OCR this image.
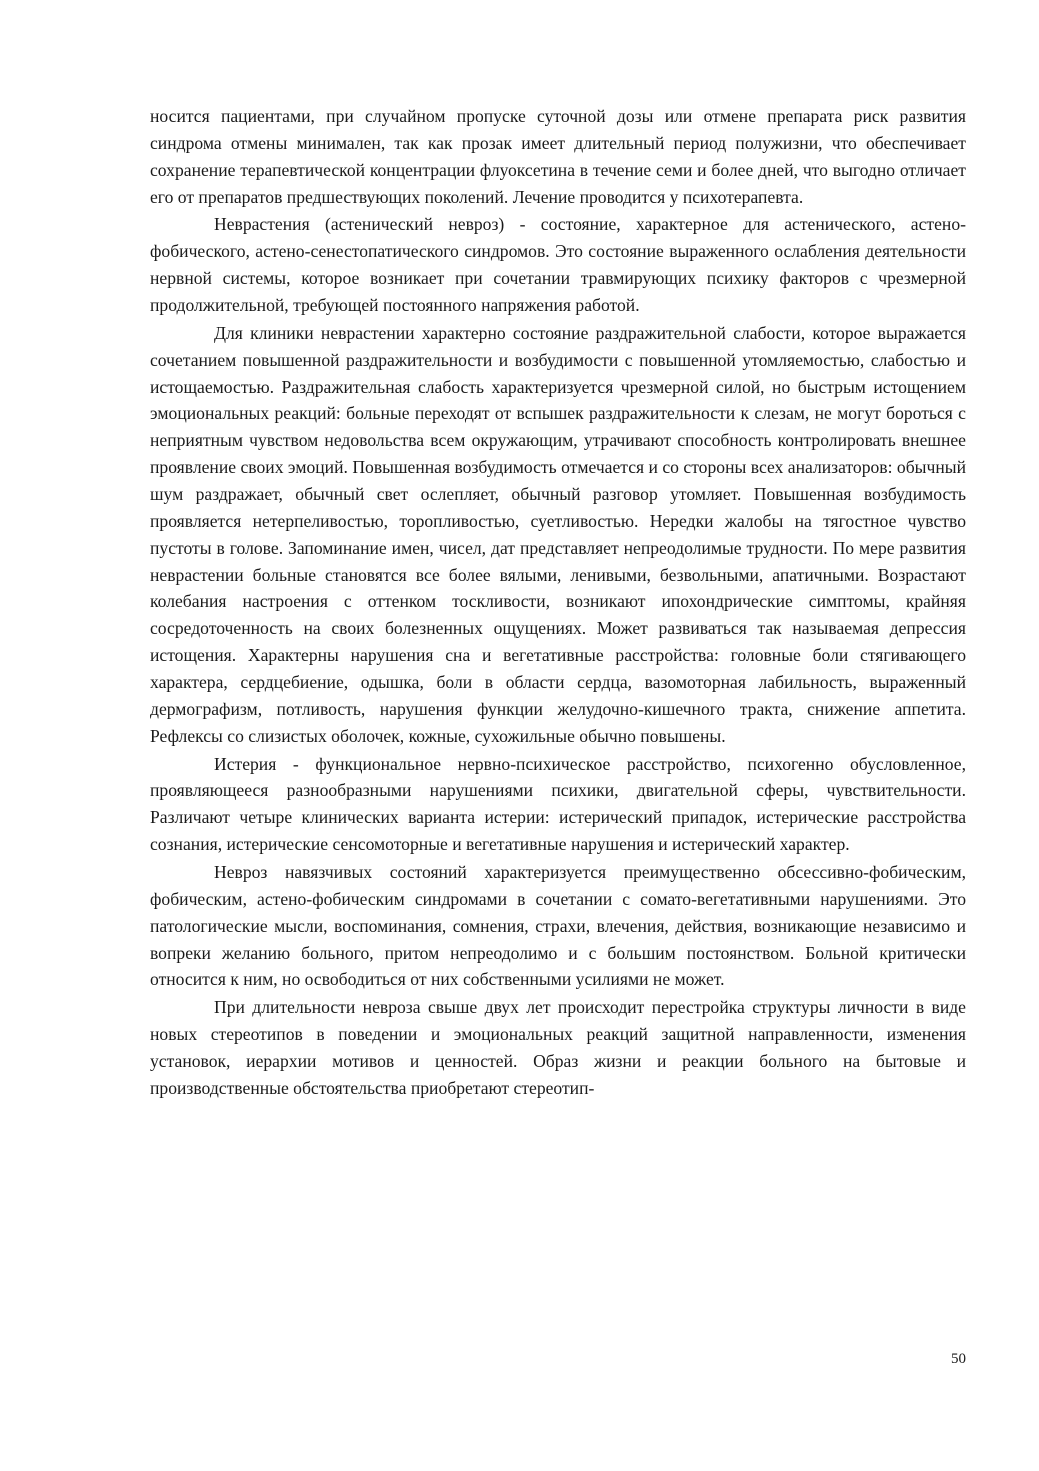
носится пациентами, при случайном пропуске суточной дозы или отмене препарата риск развития синдрома отмены минимален, так как прозак имеет длительный период полужизни, что обеспечивает сохранение терапевтической концентрации флуоксетина в течение семи и более дней, что выгодно отличает его от препаратов предшествующих поколений. Лечение проводится у психотерапевта.

Неврастения (астенический невроз) - состояние, характерное для астенического, астено-фобического, астено-сенестопатического синдромов. Это состояние выраженного ослабления деятельности нервной системы, которое возникает при сочетании травмирующих психику факторов с чрезмерной продолжительной, требующей постоянного напряжения работой.

Для клиники неврастении характерно состояние раздражительной слабости, которое выражается сочетанием повышенной раздражительности и возбудимости с повышенной утомляемостью, слабостью и истощаемостью. Раздражительная слабость характеризуется чрезмерной силой, но быстрым истощением эмоциональных реакций: больные переходят от вспышек раздражительности к слезам, не могут бороться с неприятным чувством недовольства всем окружающим, утрачивают способность контролировать внешнее проявление своих эмоций. Повышенная возбудимость отмечается и со стороны всех анализаторов: обычный шум раздражает, обычный свет ослепляет, обычный разговор утомляет. Повышенная возбудимость проявляется нетерпеливостью, торопливостью, суетливостью. Нередки жалобы на тягостное чувство пустоты в голове. Запоминание имен, чисел, дат представляет непреодолимые трудности. По мере развития неврастении больные становятся все более вялыми, ленивыми, безвольными, апатичными. Возрастают колебания настроения с оттенком тоскливости, возникают ипохондрические симптомы, крайняя сосредоточенность на своих болезненных ощущениях. Может развиваться так называемая депрессия истощения. Характерны нарушения сна и вегетативные расстройства: головные боли стягивающего характера, сердцебиение, одышка, боли в области сердца, вазомоторная лабильность, выраженный дермографизм, потливость, нарушения функции желудочно-кишечного тракта, снижение аппетита. Рефлексы со слизистых оболочек, кожные, сухожильные обычно повышены.

Истерия - функциональное нервно-психическое расстройство, психогенно обусловленное, проявляющееся разнообразными нарушениями психики, двигательной сферы, чувствительности. Различают четыре клинических варианта истерии: истерический припадок, истерические расстройства сознания, истерические сенсомоторные и вегетативные нарушения и истерический характер.

Невроз навязчивых состояний характеризуется преимущественно обсессивно-фобическим, фобическим, астено-фобическим синдромами в сочетании с сомато-вегетативными нарушениями. Это патологические мысли, воспоминания, сомнения, страхи, влечения, действия, возникающие независимо и вопреки желанию больного, притом непреодолимо и с большим постоянством. Больной критически относится к ним, но освободиться от них собственными усилиями не может.

При длительности невроза свыше двух лет происходит перестройка структуры личности в виде новых стереотипов в поведении и эмоциональных реакций защитной направленности, изменения установок, иерархии мотивов и ценностей. Образ жизни и реакции больного на бытовые и производственные обстоятельства приобретают стереотип-

50
